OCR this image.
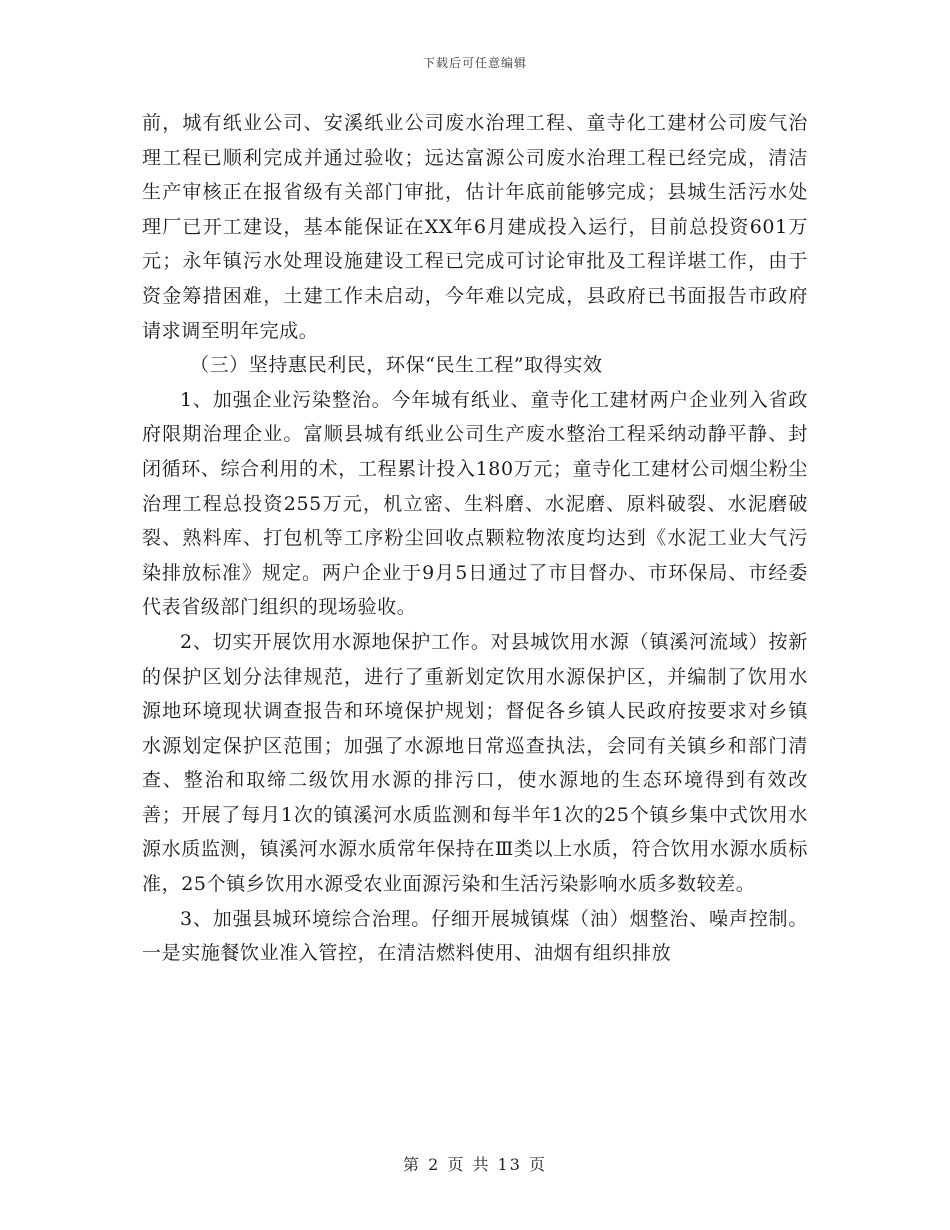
下载后可任意编辑

前，城有纸业公司、安溪纸业公司废水治理工程、童寺化工建材公司废气治理工程已顺利完成并通过验收；远达富源公司废水治理工程已经完成，清洁生产审核正在报省级有关部门审批，估计年底前能够完成；县城生活污水处理厂已开工建设，基本能保证在XX年6月建成投入运行，目前总投资601万元；永年镇污水处理设施建设工程已完成可讨论审批及工程详堪工作，由于资金筹措困难，土建工作未启动，今年难以完成，县政府已书面报告市政府请求调至明年完成。

（三）坚持惠民利民，环保“民生工程”取得实效

1、加强企业污染整治。今年城有纸业、童寺化工建材两户企业列入省政府限期治理企业。富顺县城有纸业公司生产废水整治工程采纳动静平静、封闭循环、综合利用的术，工程累计投入180万元；童寺化工建材公司烟尘粉尘治理工程总投资255万元，机立密、生料磨、水泥磨、原料破裂、水泥磨破裂、熟料库、打包机等工序粉尘回收点颗粒物浓度均达到《水泥工业大气污染排放标准》规定。两户企业于9月5日通过了市目督办、市环保局、市经委代表省级部门组织的现场验收。

2、切实开展饮用水源地保护工作。对县城饮用水源（镇溪河流域）按新的保护区划分法律规范，进行了重新划定饮用水源保护区，并编制了饮用水源地环境现状调查报告和环境保护规划；督促各乡镇人民政府按要求对乡镇水源划定保护区范围；加强了水源地日常巡查执法，会同有关镇乡和部门清查、整治和取缔二级饮用水源的排污口，使水源地的生态环境得到有效改善；开展了每月1次的镇溪河水质监测和每半年1次的25个镇乡集中式饮用水源水质监测，镇溪河水源水质常年保持在Ⅲ类以上水质，符合饮用水源水质标准，25个镇乡饮用水源受农业面源污染和生活污染影响水质多数较差。

3、加强县城环境综合治理。仔细开展城镇煤（油）烟整治、噪声控制。一是实施餐饮业准入管控，在清洁燃料使用、油烟有组织排放

第 2 页 共 13 页
